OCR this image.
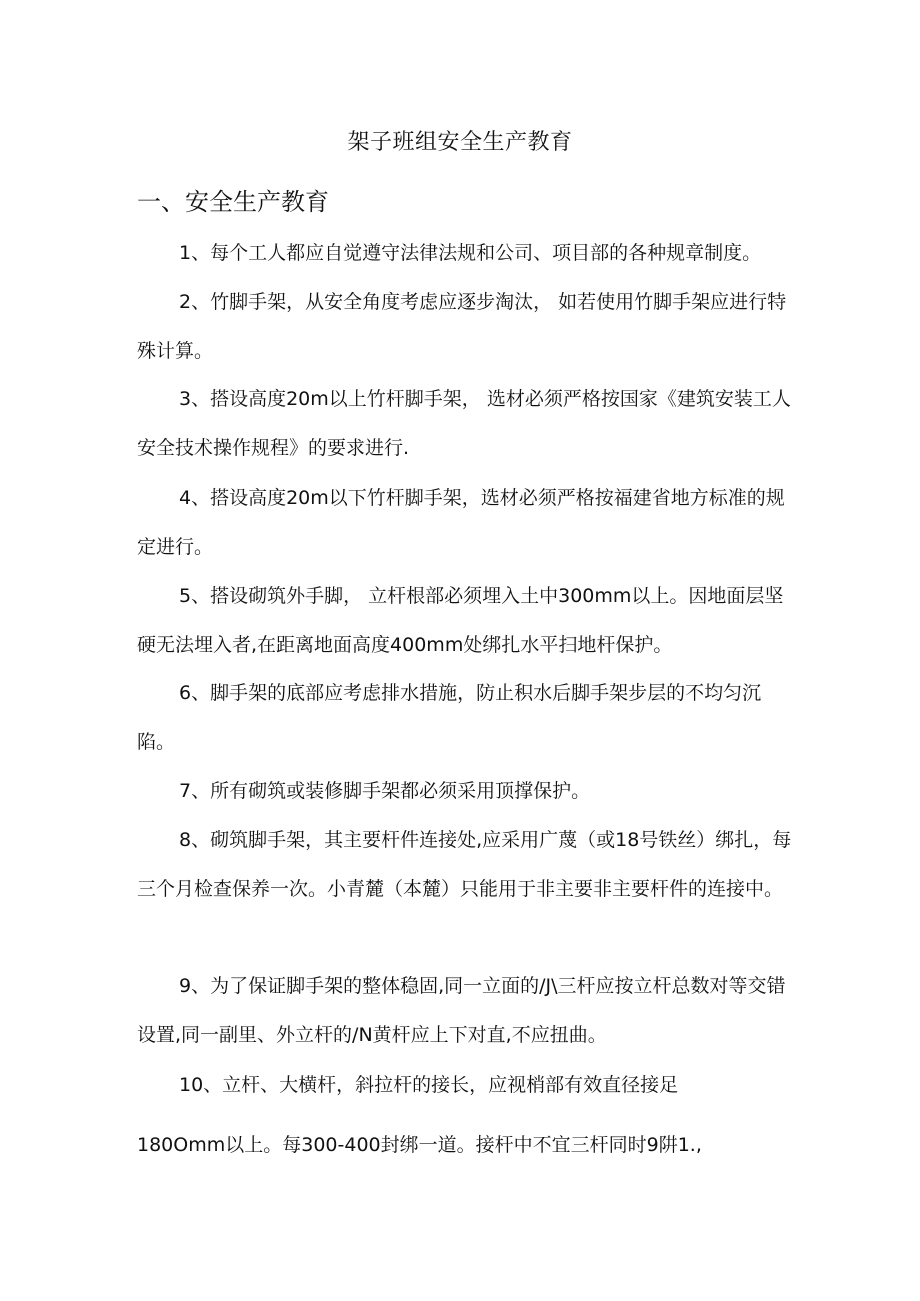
架子班组安全生产教育
一、安全生产教育

1、每个工人都应自觉遵守法律法规和公司、项目部的各种规章制度。

2、竹脚手架，从安全角度考虑应逐步淘汰， 如若使用竹脚手架应进行特殊计算。

3、搭设高度20m以上竹杆脚手架， 选材必须严格按国家《建筑安装工人安全技术操作规程》的要求进行.

4、搭设高度20m以下竹杆脚手架，选材必须严格按福建省地方标准的规定进行。

5、搭设砌筑外手脚， 立杆根部必须埋入土中300mm以上。因地面层坚硬无法埋入者,在距离地面高度400mm处绑扎水平扫地杆保护。

6、脚手架的底部应考虑排水措施，防止积水后脚手架步层的不均匀沉陷。

7、所有砌筑或装修脚手架都必须采用顶撑保护。

8、砌筑脚手架，其主要杆件连接处,应采用广蔑（或18号铁丝）绑扎，每三个月检查保养一次。小青麓（本麓）只能用于非主要非主要杆件的连接中。

9、为了保证脚手架的整体稳固,同一立面的/J\三杆应按立杆总数对等交错设置,同一副里、外立杆的/N黄杆应上下对直,不应扭曲。

10、立杆、大横杆，斜拉杆的接长，应视梢部有效直径接足

180Omm以上。每300-400封绑一道。接杆中不宜三杆同时9阱1.,
